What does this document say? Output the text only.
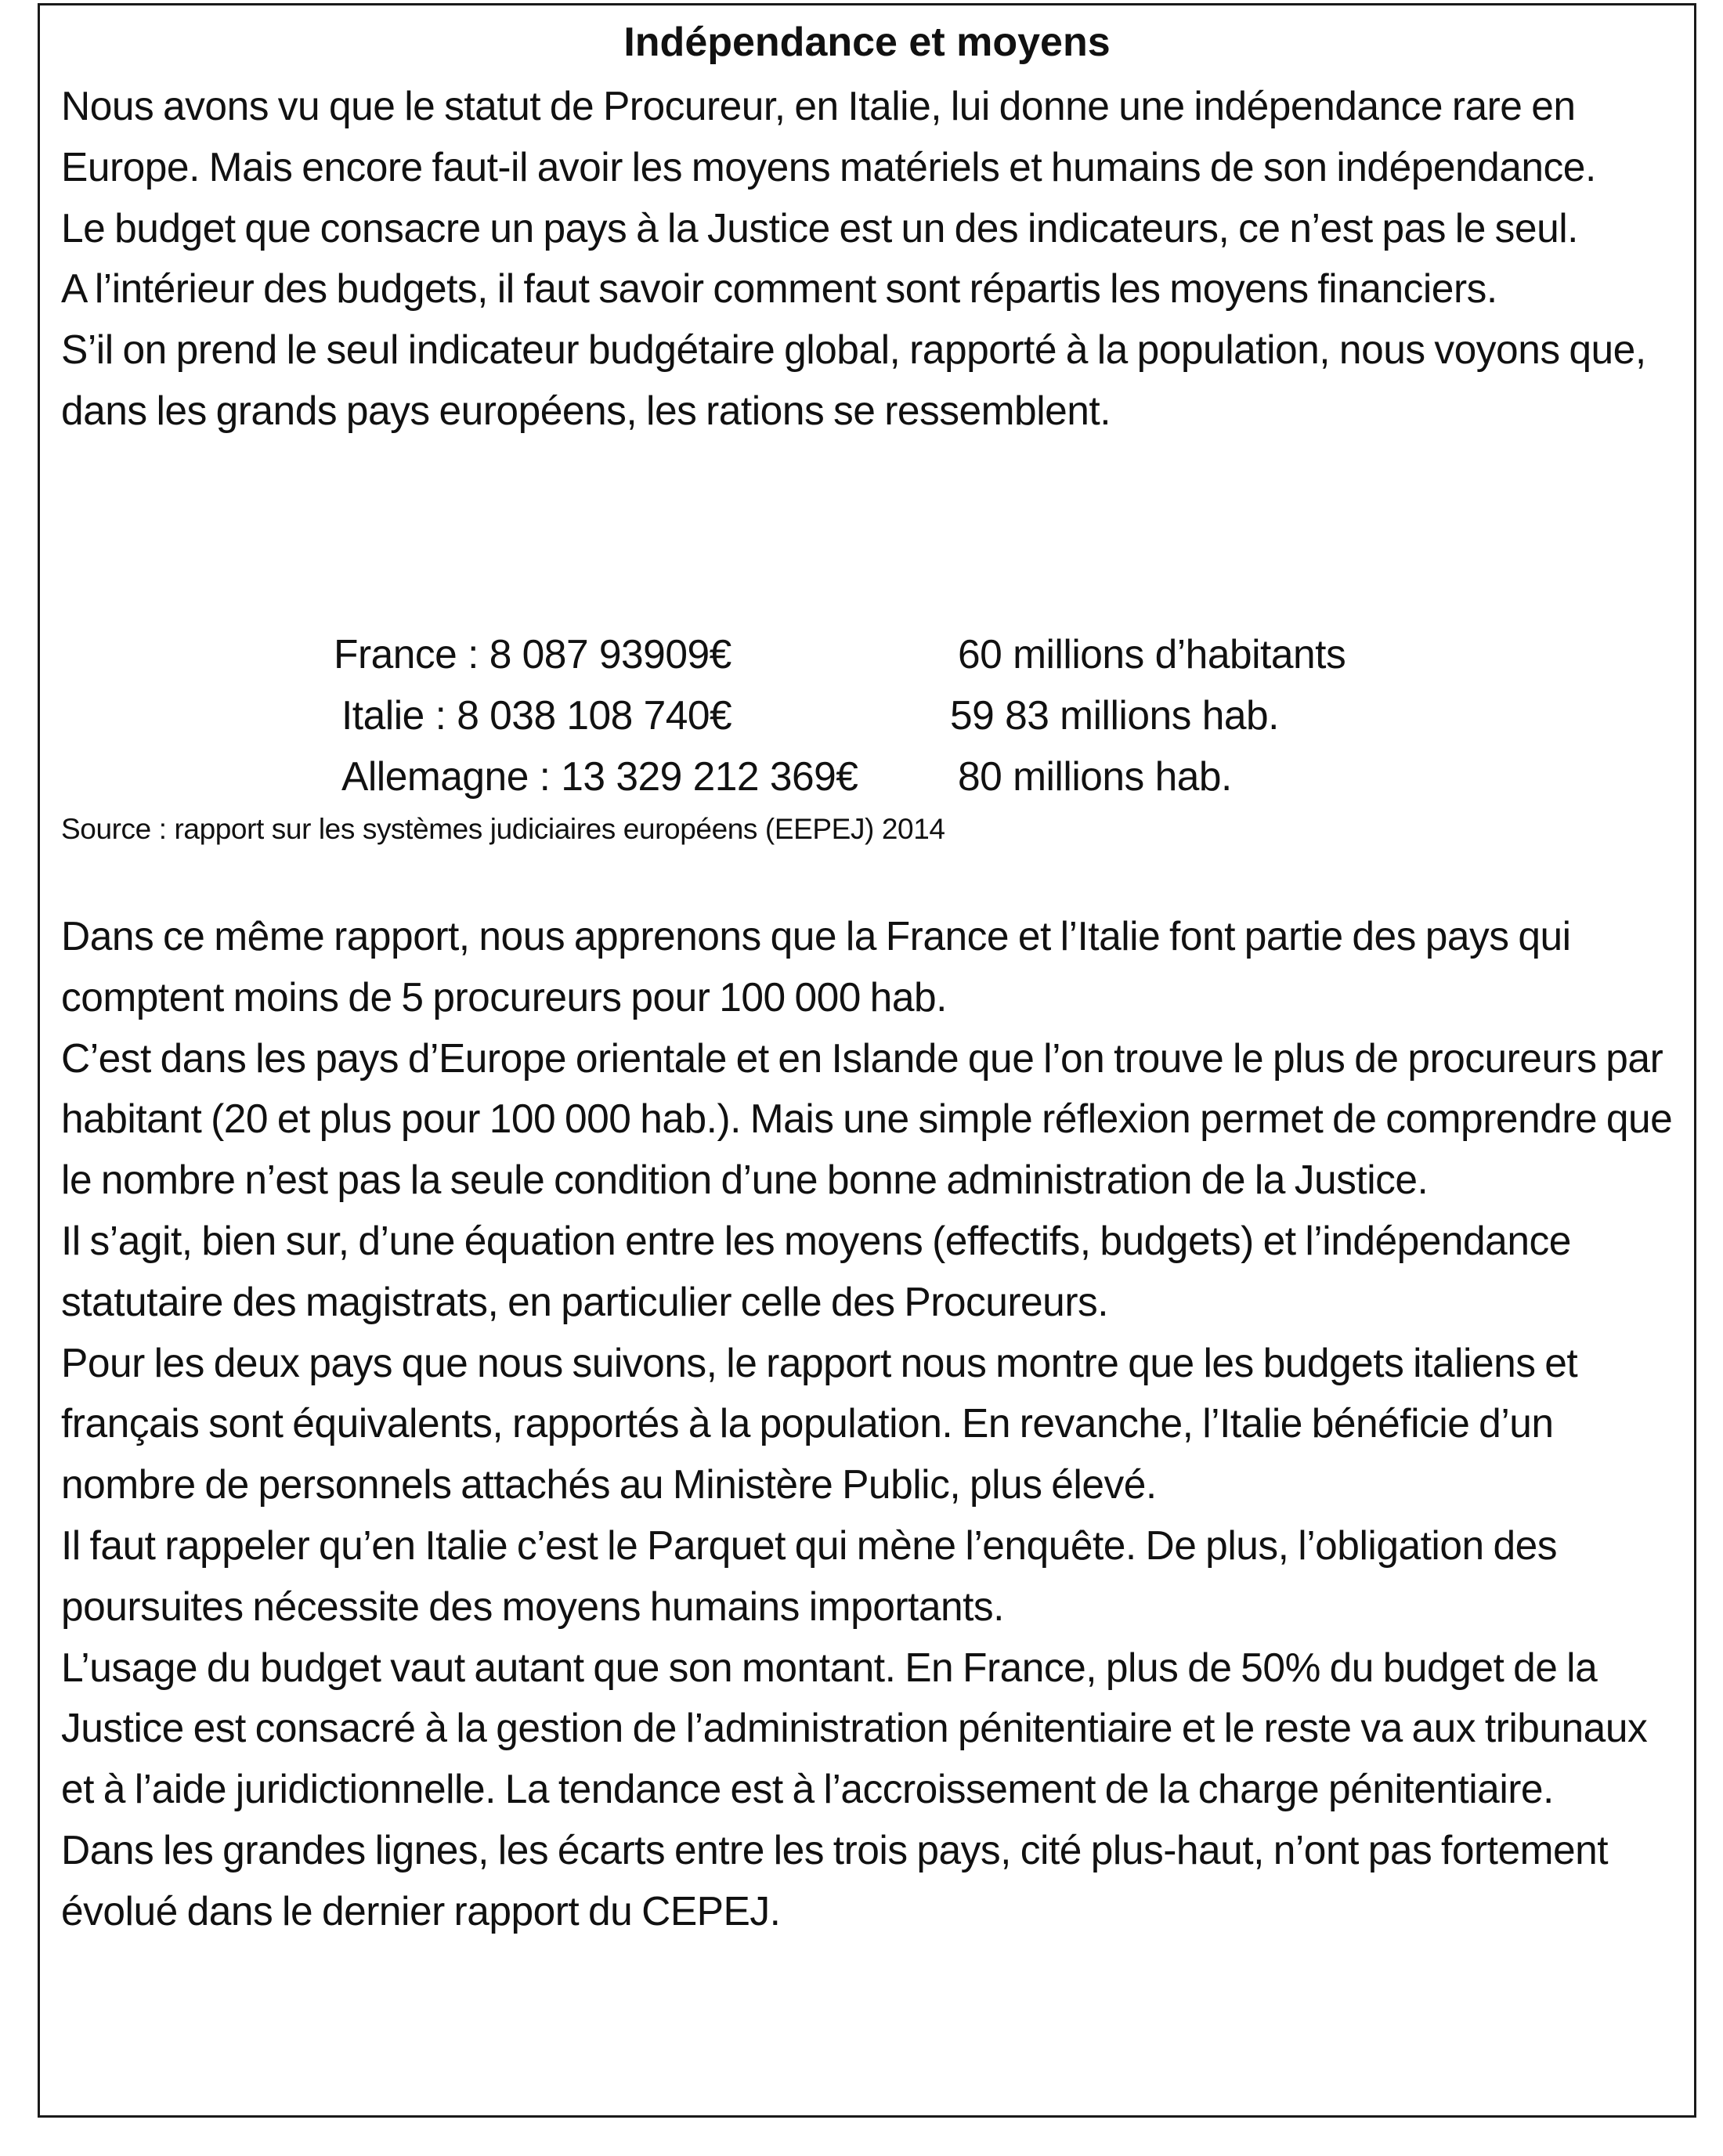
Indépendance et moyens

Nous avons vu que le statut de Procureur, en Italie, lui donne une indépendance rare en Europe. Mais encore faut-il avoir les moyens matériels et humains de son indépendance.

Le budget que consacre un pays à la Justice est un des indicateurs, ce n’est pas le seul.

A l’intérieur des budgets, il faut savoir comment sont répartis les moyens financiers.

S’il on prend le seul indicateur budgétaire global, rapporté à la population, nous voyons que, dans les grands pays européens, les rations se ressemblent.

France : 8 087 93909€	60 millions d’habitants
Italie : 8 038 108 740€	59 83 millions hab.
Allemagne : 13 329 212 369€ 80 millions hab.
Source : rapport sur les systèmes judiciaires européens (EEPEJ) 2014

Dans ce même rapport, nous apprenons que la France et l’Italie font partie des pays qui comptent moins de 5 procureurs pour 100 000 hab.

C’est dans les pays d’Europe orientale et en Islande que l’on trouve le plus de procureurs par habitant (20 et plus pour 100 000 hab.). Mais une simple réflexion permet de comprendre que le nombre n’est pas la seule condition d’une bonne administration de la Justice.

Il s’agit, bien sur, d’une équation entre les moyens (effectifs, budgets) et l’indépendance statutaire des magistrats, en particulier celle des Procureurs.

Pour les deux pays que nous suivons, le rapport nous montre que les budgets italiens et français sont équivalents, rapportés à la population. En revanche, l’Italie bénéficie d’un nombre de personnels attachés au Ministère Public, plus élevé.

Il faut rappeler qu’en Italie c’est le Parquet qui mène l’enquête. De plus, l’obligation des poursuites nécessite des moyens humains importants.

L’usage du budget vaut autant que son montant. En France, plus de 50% du budget de la Justice est consacré à la gestion de l’administration pénitentiaire et le reste va aux tribunaux et à l’aide juridictionnelle. La tendance est à l’accroissement de la charge pénitentiaire.

Dans les grandes lignes, les écarts entre les trois pays, cité plus-haut, n’ont pas fortement évolué dans le dernier rapport du CEPEJ.
